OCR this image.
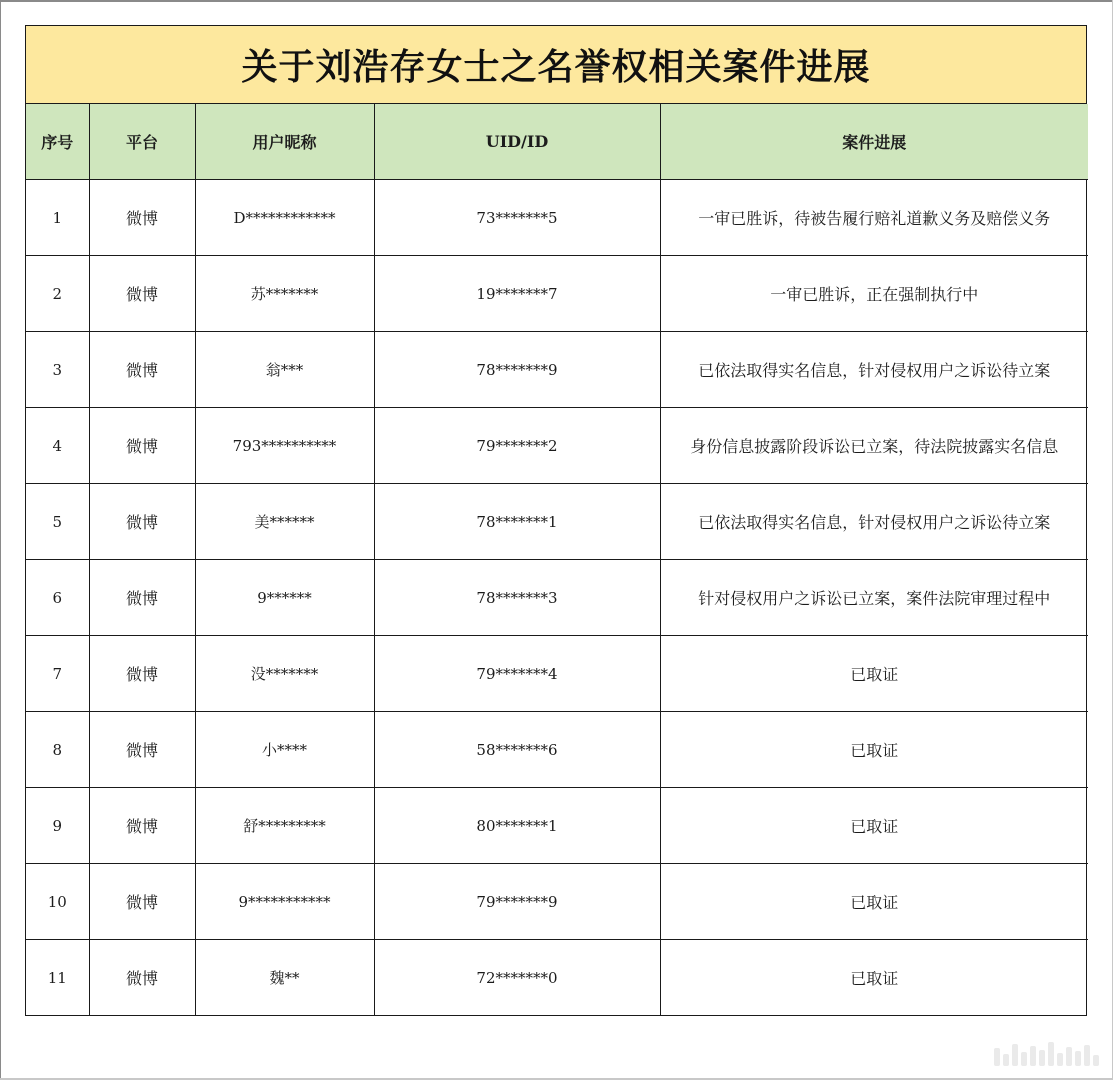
关于刘浩存女士之名誉权相关案件进展
序号	平台	用户昵称	UID/ID	案件进展
1	微博	D************	73*******5	一审已胜诉，待被告履行赔礼道歉义务及赔偿义务
2	微博	苏*******	19*******7	一审已胜诉，正在强制执行中
3	微博	翁***	78*******9	已依法取得实名信息，针对侵权用户之诉讼待立案
4	微博	793**********	79*******2	身份信息披露阶段诉讼已立案，待法院披露实名信息
5	微博	美******	78*******1	已依法取得实名信息，针对侵权用户之诉讼待立案
6	微博	9******	78*******3	针对侵权用户之诉讼已立案，案件法院审理过程中
7	微博	没*******	79*******4	已取证
8	微博	小****	58*******6	已取证
9	微博	舒*********	80*******1	已取证
10	微博	9***********	79*******9	已取证
11	微博	魏**	72*******0	已取证
